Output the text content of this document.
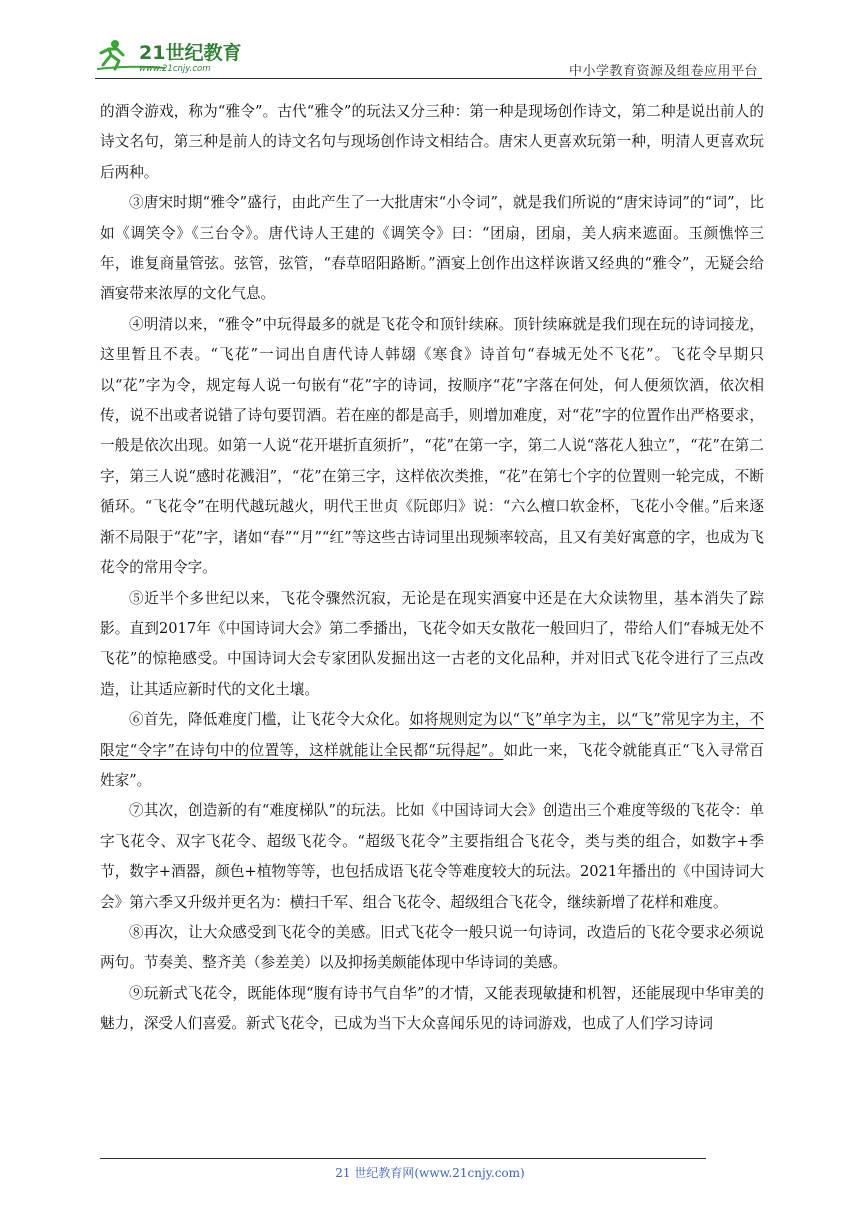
21世纪教育
www.21cnjy.com	中小学教育资源及组卷应用平台

的酒令游戏，称为“雅令”。古代“雅令”的玩法又分三种：第一种是现场创作诗文，第二种是说出前人的诗文名句，第三种是前人的诗文名句与现场创作诗文相结合。唐宋人更喜欢玩第一种，明清人更喜欢玩后两种。

③唐宋时期“雅令”盛行，由此产生了一大批唐宋“小令词”，就是我们所说的“唐宋诗词”的“词”，比如《调笑令》《三台令》。唐代诗人王建的《调笑令》曰：“团扇，团扇，美人病来遮面。玉颜憔悴三年，谁复商量管弦。弦管，弦管，“春草昭阳路断。”酒宴上创作出这样诙谐又经典的“雅令”，无疑会给酒宴带来浓厚的文化气息。

④明清以来，“雅令”中玩得最多的就是飞花令和顶针续麻。顶针续麻就是我们现在玩的诗词接龙，这里暂且不表。“飞花”一词出自唐代诗人韩翃《寒食》诗首句“春城无处不飞花”。飞花令早期只以“花”字为令，规定每人说一句嵌有“花”字的诗词，按顺序“花”字落在何处，何人便须饮酒，依次相传，说不出或者说错了诗句要罚酒。若在座的都是高手，则增加难度，对“花”字的位置作出严格要求，一般是依次出现。如第一人说“花开堪折直须折”，“花”在第一字，第二人说“落花人独立”，“花”在第二字，第三人说“感时花溅泪”，“花”在第三字，这样依次类推，“花”在第七个字的位置则一轮完成，不断循环。“飞花令”在明代越玩越火，明代王世贞《阮郎归》说：“六么檀口软金杯，飞花小令催。”后来逐渐不局限于“花”字，诸如“春”“月”“红”等这些古诗词里出现频率较高，且又有美好寓意的字，也成为飞花令的常用令字。

⑤近半个多世纪以来，飞花令骤然沉寂，无论是在现实酒宴中还是在大众读物里，基本消失了踪影。直到2017年《中国诗词大会》第二季播出，飞花令如天女散花一般回归了，带给人们“春城无处不飞花”的惊艳感受。中国诗词大会专家团队发掘出这一古老的文化品种，并对旧式飞花令进行了三点改造，让其适应新时代的文化土壤。

⑥首先，降低难度门槛，让飞花令大众化。如将规则定为以“飞”单字为主，以“飞”常见字为主，不限定“令字”在诗句中的位置等，这样就能让全民都“玩得起”。如此一来，飞花令就能真正“飞入寻常百姓家”。

⑦其次，创造新的有“难度梯队”的玩法。比如《中国诗词大会》创造出三个难度等级的飞花令：单字飞花令、双字飞花令、超级飞花令。“超级飞花令”主要指组合飞花令，类与类的组合，如数字+季节，数字+酒器，颜色+植物等等，也包括成语飞花令等难度较大的玩法。2021年播出的《中国诗词大会》第六季又升级并更名为：横扫千军、组合飞花令、超级组合飞花令，继续新增了花样和难度。

⑧再次，让大众感受到飞花令的美感。旧式飞花令一般只说一句诗词，改造后的飞花令要求必须说两句。节奏美、整齐美（参差美）以及抑扬美颇能体现中华诗词的美感。

⑨玩新式飞花令，既能体现“腹有诗书气自华”的才情，又能表现敏捷和机智，还能展现中华审美的魅力，深受人们喜爱。新式飞花令，已成为当下大众喜闻乐见的诗词游戏，也成了人们学习诗词

21 世纪教育网(www.21cnjy.com)
